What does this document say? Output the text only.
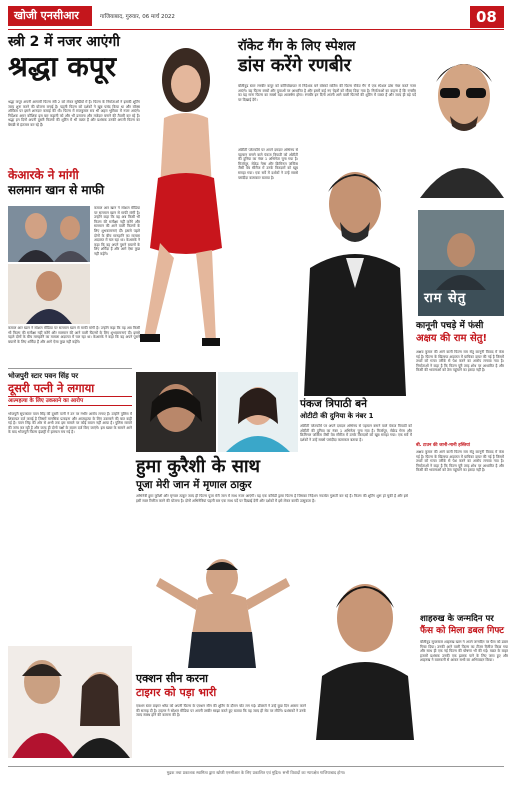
खोजी एनसीआर	गाजियाबाद, गुरुवार, 06 मार्च 2022	08
स्त्री 2 में नजर आएंगी
श्रद्धा कपूर
श्रद्धा कपूर अपनी आगामी फिल्म स्त्री 2 को लेकर सुर्खियों में हैं। फिल्म के निर्माताओं ने इसकी शूटिंग जल्द शुरू करने की योजना बनाई है। पहली फिल्म को दर्शकों ने खूब पसंद किया था और बॉक्स ऑफिस पर इसने शानदार कमाई की थी। फिल्म में राजकुमार राव भी अहम भूमिका में नजर आएंगे। निर्देशक अमर कौशिक इस बार कहानी को और भी डरावना और मजेदार बनाने की तैयारी कर रहे हैं। श्रद्धा इन दिनों अपनी दूसरी फिल्मों की शूटिंग में भी व्यस्त हैं और प्रशंसक उनकी अगली फिल्म का बेसब्री से इंतजार कर रहे हैं।
केआरके ने मांगी
सलमान खान से माफी
कमाल आर खान ने सोशल मीडिया पर सलमान खान से माफी मांगी है। उन्होंने कहा कि वह अब किसी भी फिल्म की समीक्षा नहीं करेंगे और सलमान की आने वाली फिल्मों के लिए शुभकामनाएं दीं। इससे पहले दोनों के बीच मानहानि का मामला अदालत में चल रहा था। केआरके ने कहा कि वह अपने पुराने बयानों के लिए शर्मिंदा हैं और आगे ऐसा कुछ नहीं कहेंगे।
कमाल आर खान ने सोशल मीडिया पर सलमान खान से माफी मांगी है। उन्होंने कहा कि वह अब किसी भी फिल्म की समीक्षा नहीं करेंगे और सलमान की आने वाली फिल्मों के लिए शुभकामनाएं दीं। इससे पहले दोनों के बीच मानहानि का मामला अदालत में चल रहा था। केआरके ने कहा कि वह अपने पुराने बयानों के लिए शर्मिंदा हैं और आगे ऐसा कुछ नहीं कहेंगे।
भोजपुरी स्टार पवन सिंह पर
दूसरी पत्नी ने लगाया
आत्महत्या के लिए उकसाने का आरोप
भोजपुरी सुपरस्टार पवन सिंह की दूसरी पत्नी ने उन पर गंभीर आरोप लगाए हैं। उन्होंने पुलिस में शिकायत दर्ज कराई है जिसमें मानसिक प्रताड़ना और आत्महत्या के लिए उकसाने की बात कही गई है। पवन सिंह की ओर से अभी तक इस मामले पर कोई बयान नहीं आया है। पुलिस मामले की जांच कर रही है और जल्द ही दोनों पक्षों के बयान दर्ज किए जाएंगे। इस खबर के सामने आने के बाद भोजपुरी फिल्म इंडस्ट्री में हलचल मच गई है।
रॉकेट गैंग के लिए स्पेशल
डांस करेंगे रणबीर
बॉलीवुड स्टार रणबीर कपूर को कोरियोग्राफर से निर्देशक बने बोस्को मार्टिस की फिल्म रॉकेट गैंग में एक स्पेशल डांस नंबर करते नजर आएंगे। यह फिल्म बच्चों और युवाओं पर आधारित है और इसमें कई नए चेहरों को मौका दिया गया है। निर्माताओं का कहना है कि रणबीर का यह गाना फिल्म का सबसे बड़ा आकर्षण होगा। रणबीर इन दिनों अपनी आने वाली फिल्मों की शूटिंग में व्यस्त हैं और जल्द ही बड़े पर्दे पर दिखाई देंगे।
ओटीटी प्लेटफॉर्म पर अपने दमदार अभिनय से पहचान बनाने वाले पंकज त्रिपाठी को ओटीटी की दुनिया का नंबर 1 अभिनेता चुना गया है। मिर्जापुर, सेक्रेड गेम्स और क्रिमिनल जस्टिस जैसी वेब सीरीज में उनके किरदारों को खूब सराहा गया। एक सर्वे में दर्शकों ने उन्हें सबसे पसंदीदा कलाकार बताया है।
राम सेतु
कानूनी पचड़े में फंसी
अक्षय की राम सेतु!
अक्षय कुमार की आने वाली फिल्म राम सेतु कानूनी विवाद में फंस गई है। फिल्म के खिलाफ अदालत में याचिका दायर की गई है जिसमें तथ्यों को गलत तरीके से पेश करने का आरोप लगाया गया है। निर्माताओं ने कहा है कि फिल्म पूरी तरह शोध पर आधारित है और किसी की भावनाओं को ठेस पहुंचाने का इरादा नहीं है।
बी. टाउन की जानी-मानी हस्तियां
अक्षय कुमार की आने वाली फिल्म राम सेतु कानूनी विवाद में फंस गई है। फिल्म के खिलाफ अदालत में याचिका दायर की गई है जिसमें तथ्यों को गलत तरीके से पेश करने का आरोप लगाया गया है। निर्माताओं ने कहा है कि फिल्म पूरी तरह शोध पर आधारित है और किसी की भावनाओं को ठेस पहुंचाने का इरादा नहीं है।
पंकज त्रिपाठी बने
ओटीटी की दुनिया के नंबर 1
ओटीटी प्लेटफॉर्म पर अपने दमदार अभिनय से पहचान बनाने वाले पंकज त्रिपाठी को ओटीटी की दुनिया का नंबर 1 अभिनेता चुना गया है। मिर्जापुर, सेक्रेड गेम्स और क्रिमिनल जस्टिस जैसी वेब सीरीज में उनके किरदारों को खूब सराहा गया। एक सर्वे में दर्शकों ने उन्हें सबसे पसंदीदा कलाकार बताया है।
हुमा कुरैशी के साथ
पूजा मेरी जान में मृणाल ठाकुर
अभिनेत्री हुमा कुरैशी और मृणाल ठाकुर जल्द ही फिल्म पूजा मेरी जान में साथ नजर आएंगी। यह एक कॉमेडी ड्रामा फिल्म है जिसका निर्देशन नवजोत गुलाटी कर रहे हैं। फिल्म की शूटिंग शुरू हो चुकी है और इसे इसी साल रिलीज करने की योजना है। दोनों अभिनेत्रियां पहली बार एक साथ पर्दे पर दिखाई देंगी और दर्शकों में इसे लेकर काफी उत्सुकता है।
एक्शन सीन करना
टाइगर को पड़ा भारी
एक्शन स्टार टाइगर श्रॉफ को अपनी फिल्म के एक्शन सीन की शूटिंग के दौरान चोट लग गई। डॉक्टरों ने उन्हें कुछ दिन आराम करने की सलाह दी है। टाइगर ने सोशल मीडिया पर अपनी तस्वीर साझा करते हुए बताया कि वह जल्द ही सेट पर लौटेंगे। प्रशंसकों ने उनके जल्द स्वस्थ होने की कामना की है।
शाहरुख के जन्मदिन पर
फैंस को मिला डबल गिफ्ट
बॉलीवुड सुपरस्टार शाहरुख खान ने अपने जन्मदिन पर फैंस को डबल गिफ्ट दिया। उनकी आने वाली फिल्म का टीजर रिलीज किया गया और साथ ही एक नई फिल्म की घोषणा भी की गई। मन्नत के बाहर हजारों प्रशंसक उनकी एक झलक पाने के लिए जमा हुए और शाहरुख ने बालकनी से आकर सभी का अभिवादन किया।
मुद्रक तथा प्रकाशक स्वामित्व द्वारा खोजी एनसीआर के लिए प्रकाशित एवं मुद्रित। सभी विवादों का न्यायक्षेत्र गाजियाबाद होगा।
